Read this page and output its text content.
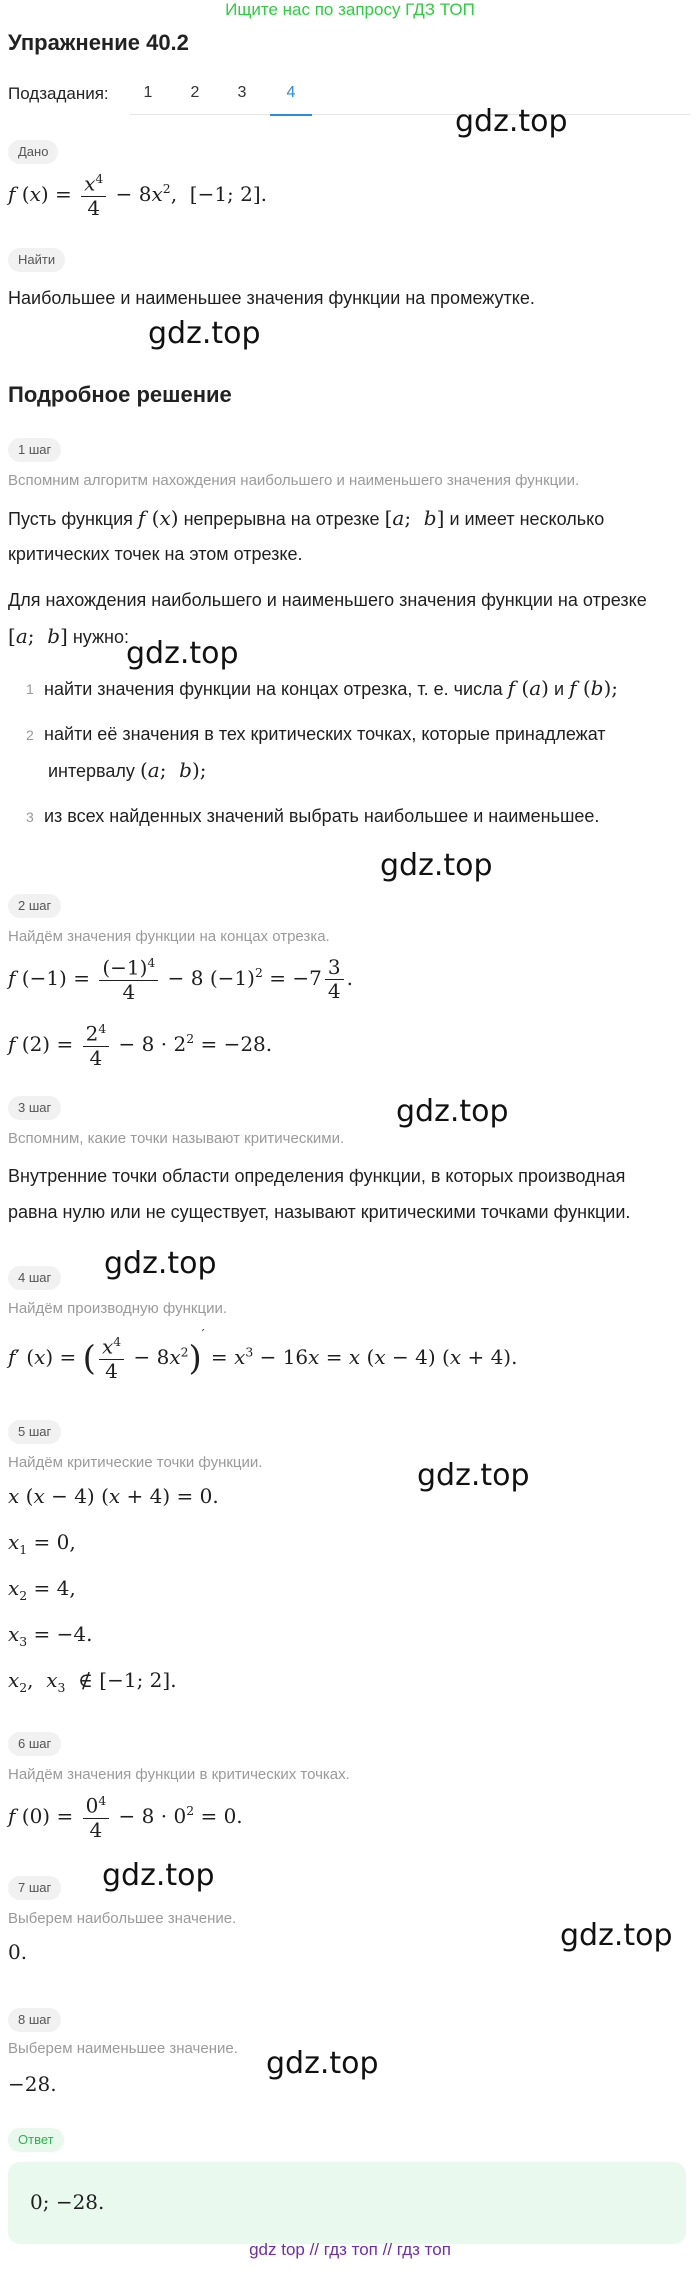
Ищите нас по запросу ГДЗ ТОП
Упражнение 40.2
Подзадания:	1	2	3	4
gdz.top
Дано
f $(x) = \frac{x^4}{4} - 8x^2$,  [−1; 2].
Найти
Наибольшее и наименьшее значения функции на промежутке.
gdz.top
Подробное решение
1 шаг
Вспомним алгоритм нахождения наибольшего и наименьшего значения функции.
Пусть функция f (x) непрерывна на отрезке [a;  b] и имеет несколько
критических точек на этом отрезке.
Для нахождения наибольшего и наименьшего значения функции на отрезке
[a;  b] нужно:
gdz.top
1 найти значения функции на концах отрезка, т. е. числа f (a) и f (b);
2 найти её значения в тех критических точках, которые принадлежат
интервалу (a;  b);
3 из всех найденных значений выбрать наибольшее и наименьшее.
gdz.top
2 шаг
Найдём значения функции на концах отрезка.
f $(-1) = \frac{(-1)^4}{4} - 8$ $(-1)^2 = -7 \frac{3}{4}$ .
f $(2) = \frac{2^4}{4} - 8 \cdot 2^2 = -28$.
3 шаг	gdz.top
Вспомним, какие точки называют критическими.
Внутренние точки области определения функции, в которых производная
равна нулю или не существует, называют критическими точками функции.
4 шаг	gdz.top
Найдём производную функции.
f′ (x) = ( $\frac{x^4}{4} - 8x^2)' = x^3 - 16x = x$ (x − 4) (x + 4).
5 шаг
Найдём критические точки функции.	gdz.top
x (x − 4) (x + 4) = 0.
$x_1 = 0$,
$x_2 = 4$,
$x_3 = -4$.
$x_2$,  $x_3$  ∉ [−1; 2].
6 шаг
Найдём значения функции в критических точках.
f $(0) = \frac{0^4}{4} - 8 \cdot 0^2 = 0$.
7 шаг	gdz.top
gdz.top
Выберем наибольшее значение.
0.
8 шаг
Выберем наименьшее значение. gdz.top
−28.
Ответ
0; −28.
gdz top // гдз топ // гдз топ
